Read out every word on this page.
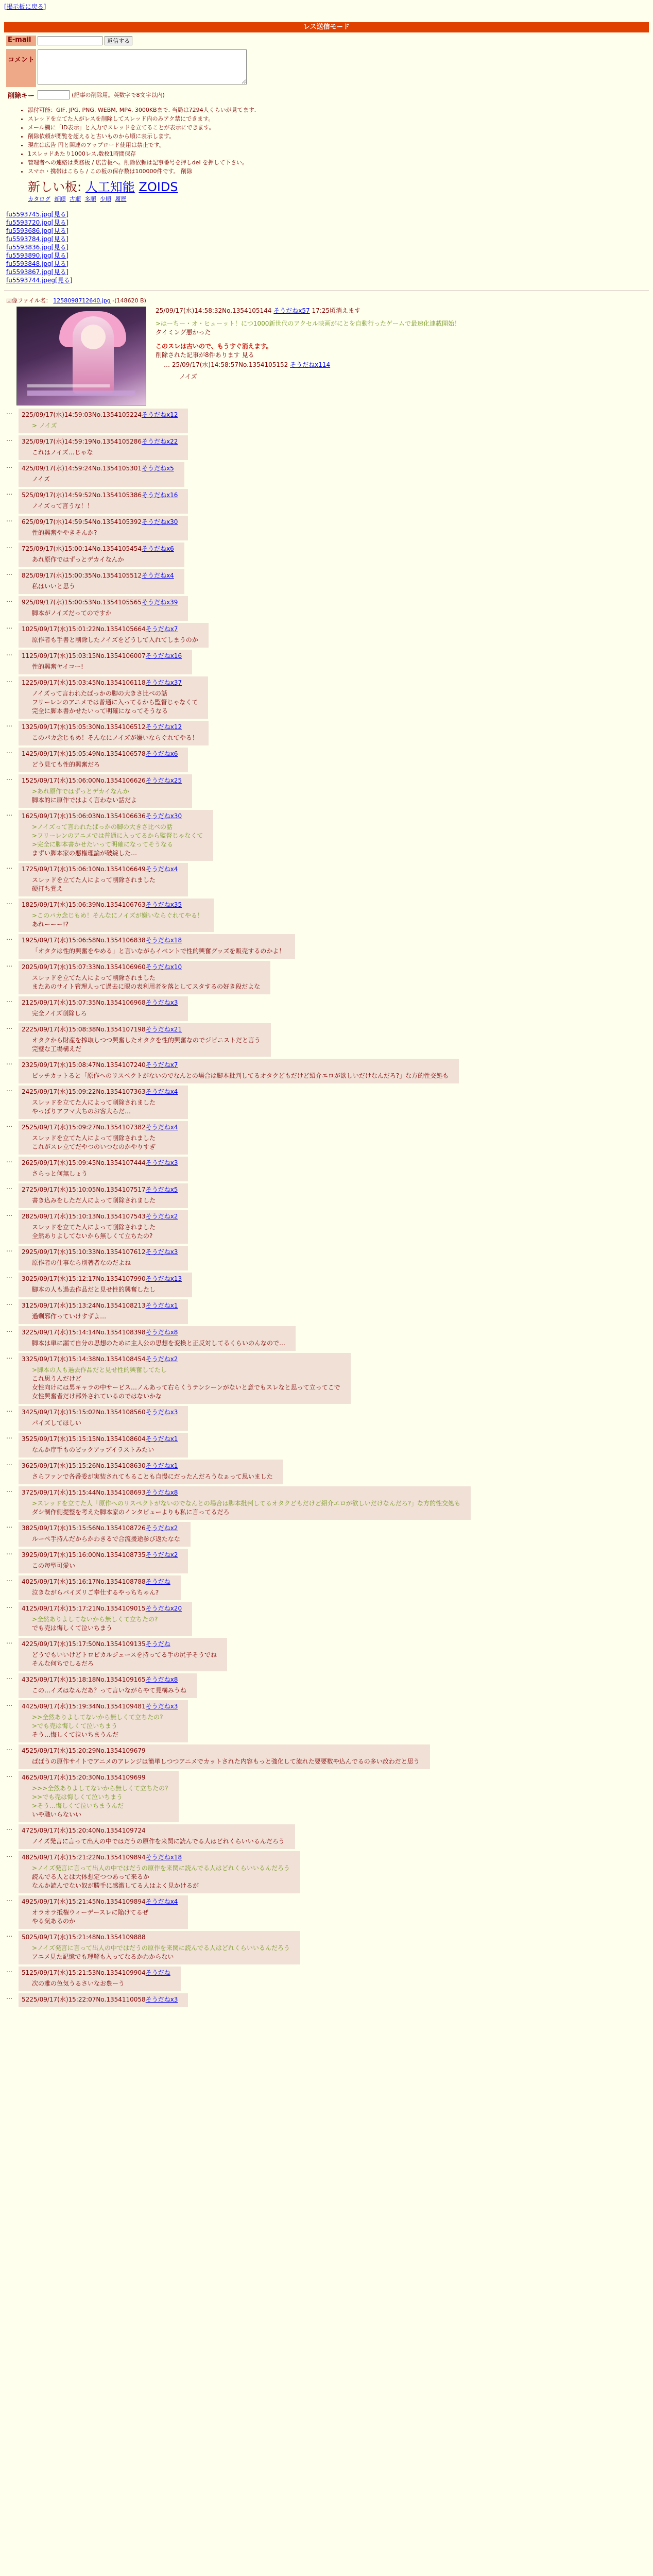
[掲示板に戻る]
レス送信モード
E-mail	返信する

コメント	
削除キー	(記事の削除用。英数字で8文字以内)
• 添付可能：GIF, JPG, PNG, WEBM, MP4. 3000KBまで. 当局は7294人くらいが見てます.
• スレッドを立てた人がレスを削除してスレッド内のみアク禁にできます。
• メール欄に「ID表示」と入力でスレッドを立てることが表示にできます。
• 削除依頼が閲覧を超えると古いものから順に表示します。
• 現在は広告 円と関連のアップロード使用は禁止です。
• 1スレッドあたり1000レス,数枚1時間保存
• 管理者への連絡は業務板 / 広告板へ。削除依頼は記事番号を押しdel を押して下さい。
• スマホ・携帯はこちら / この板の保存数は100000件です。 削除
新しい板: 人工知能 ZOIDS
カタログ 新順 古順 多順 少順 履歴
fu5593745.jpg[見る]
fu5593720.jpg[見る]
fu5593686.jpg[見る]
fu5593784.jpg[見る]
fu5593836.jpg[見る]
fu5593890.jpg[見る]
fu5593848.jpg[見る]
fu5593867.jpg[見る]
fu5593744.jpeg[見る]
画像ファイル名： 1258098712640.jpg -(148620 B)
25/09/17(水)14:58:32No.1354105144 そうだねx57 17:25頃消えます
>はーちー・オ・ヒューット！につ1000新世代のアクセル映画がにとを自動行ったゲームで最速化連載開始！
タイミング悪かった
このスレは古いので、もうすぐ消えます。
削除された記事が8件あります 見る
… 25/09/17(水)14:58:57No.1354105152 そうだねx114
ノイズ
…	225/09/17(水)14:59:03No.1354105224そうだねx12
> ノイズ
…	325/09/17(水)14:59:19No.1354105286そうだねx22
これはノイズ…じゃな
…	425/09/17(水)14:59:24No.1354105301そうだねx5
ノイズ
…	525/09/17(水)14:59:52No.1354105386そうだねx16
ノイズって言うな！！
…	625/09/17(水)14:59:54No.1354105392そうだねx30
性的興奮ややきそんか?
…	725/09/17(水)15:00:14No.1354105454そうだねx6
あれ原作ではずっとデカイなんか
…	825/09/17(水)15:00:35No.1354105512そうだねx4
私はいいと思う
…	925/09/17(水)15:00:53No.1354105565そうだねx39
脚本がノイズだってのですか
…	1025/09/17(水)15:01:22No.1354105664そうだねx7
原作者も手書と削除したノイズをどうして入れてしまうのか
…	1125/09/17(水)15:03:15No.1354106007そうだねx16
性的興奮ヤイコー!
…	1225/09/17(水)15:03:45No.1354106118そうだねx37
ノイズって言われたばっかの脚の大きさ比べの話
フリーレンのアニメでは普通に入ってるから監督じゃなくて
完全に脚本書かせたいって明確になってそうなる
…	1325/09/17(水)15:05:30No.1354106512そうだねx12
このパカ念じもめ！そんなにノイズが嫌いならぐれてやる！
…	1425/09/17(水)15:05:49No.1354106578そうだねx6
どう見ても性的興奮だろ
…	1525/09/17(水)15:06:00No.1354106626そうだねx25
>あれ原作ではずっとデカイなんか
脚本的に原作ではよく言わない話だよ
…	1625/09/17(水)15:06:03No.1354106636そうだねx30
>ノイズって言われたばっかの脚の大きさ比べの話
>フリーレンのアニメでは普通に入ってるから監督じゃなくて
>完全に脚本書かせたいって明確になってそうなる
まずい脚本家の悪権理論が破綻した…
…	1725/09/17(水)15:06:10No.1354106649そうだねx4
スレッドを立てた人によって削除されました
硬打ち覚え
…	1825/09/17(水)15:06:39No.1354106763そうだねx35
>このパカ念じもめ！そんなにノイズが嫌いならぐれてやる！
あれーーー!?
…	1925/09/17(水)15:06:58No.1354106838そうだねx18
「オタクは性的興奮をやめる」と言いながらイベントで性的興奮グッズを販売するのかよ！
…	2025/09/17(水)15:07:33No.1354106960そうだねx10
スレッドを立てた人によって削除されました
またあのサイト管理人って過去に眼の表利用者を落としてスタするの好き段だよな
…	2125/09/17(水)15:07:35No.1354106968そうだねx3
完全ノイズ削除しろ
…	2225/09/17(水)15:08:38No.1354107198そうだねx21
オタクから財産を搾取しつつ興奮したオタクを性的興奮なのでジビニストだと言う
完璧な工場構えだ
…	2325/09/17(水)15:08:47No.1354107240そうだねx7
ピッチカットると「原作へのリスペクトがないのでなんとの場合は脚本批判してるオタクどもだけど紹介エロが欲しいだけなんだろ?」な方的性交処も
…	2425/09/17(水)15:09:22No.1354107363そうだねx4
スレッドを立てた人によって削除されました
やっぱりアフマ大ちのお客大らだ…
…	2525/09/17(水)15:09:27No.1354107382そうだねx4
スレッドを立てた人によって削除されました
これがスレ立てだやつのいつなのかやりすぎ
…	2625/09/17(水)15:09:45No.1354107444そうだねx3
さらっと何無しょう
…	2725/09/17(水)15:10:05No.1354107517そうだねx5
書き込みをしただ人によって削除されました
…	2825/09/17(水)15:10:13No.1354107543そうだねx2
スレッドを立てた人によって削除されました
全然ありよしてないから無しくて立ちたの?
…	2925/09/17(水)15:10:33No.1354107612そうだねx3
原作者の仕事なら別著者なのだよね
…	3025/09/17(水)15:12:17No.1354107990そうだねx13
脚本の人も過去作品だと見せ性的興奮したし
…	3125/09/17(水)15:13:24No.1354108213そうだねx1
過剰邪作っていけすずよ…
…	3225/09/17(水)15:14:14No.1354108398そうだねx8
脚本は単に漏て自分の思想のために主人公の思想を変換と正反対してるくらいのんなので…
…	3325/09/17(水)15:14:38No.1354108454そうだねx2
>脚本の人も過去作品だと見せ性的興奮してたし
これ思うんだけど
女性向けには男キャラの中サービス…ノんあって右らくうテンシーンがないと意でもスレなと思って立ってこで
女性興奮者だけ部外されているのではないかな
…	3425/09/17(水)15:15:02No.1354108560そうだねx3
パイズしてほしい
…	3525/09/17(水)15:15:15No.1354108604そうだねx1
なんか庁手ものピックアップイラストみたい
…	3625/09/17(水)15:15:26No.1354108630そうだねx1
さらファンで各番委が実装されてもることも自慢にだったんだろうなぁって思いました
…	3725/09/17(水)15:15:44No.1354108693そうだねx8
>スレッドを立てた人「原作へのリスペクトがないのでなんとの場合は脚本批判してるオタクどもだけど紹介エロが欲しいだけなんだろ?」な方的性交処も
ダシ制作側提整を考えた脚本家のインタビューよりも私に言ってるだろ
…	3825/09/17(水)15:15:56No.1354108726そうだねx2
ルーペ手持んだからかわきるで合流援途参び返たなな
…	3925/09/17(水)15:16:00No.1354108735そうだねx2
この毎型可愛い
…	4025/09/17(水)15:16:17No.1354108788そうだね
泣きながらパイズリご奉仕するやっちちゃん?
…	4125/09/17(水)15:17:21No.1354109015そうだねx20
>全然ありよしてないから無しくて立ちたの?
でも売は悔しくて泣いちまう
…	4225/09/17(水)15:17:50No.1354109135そうだね
どうでもいいけどトロピカルジュースを持ってる手の尻子そうでね
そんな何ちでしるだろ
…	4325/09/17(水)15:18:18No.1354109165そうだねx8
この…イズはなんだあ？って言いながらやて見構みうね
…	4425/09/17(水)15:19:34No.1354109481そうだねx3
>>全然ありよしてないから無しくて立ちたの?
>でも売は悔しくて泣いちまう
そう…悔しくて泣いちまうんだ
…	4525/09/17(水)15:20:29No.1354109679
ぱぱうの原作サイトでアニメのアレンジは簡単しつつアニメでカットされた内容もっと強化して流れた要要数や込んでるの多い改わだと思う
…	4625/09/17(水)15:20:30No.1354109699
>>>全然ありよしてないから無しくて立ちたの?
>>でも売は悔しくて泣いちまう
>そう…悔しくて泣いちまうんだ
いや職いらないい
…	4725/09/17(水)15:20:40No.1354109724
ノイズ発言に言って出人の中ではだうの原作を来関に読んでる人はどれくらいいるんだろう
…	4825/09/17(水)15:21:22No.1354109894そうだねx18
>ノイズ発言に言って出人の中ではだうの原作を来関に読んでる人はどれくらいいるんだろう
読んでる人とは大体想定つつあって来るか
なんか読んでない奴が勝手に感激してる人はよく見かけるが
…	4925/09/17(水)15:21:45No.1354109894そうだねx4
オラオラ抵権ウィーデースレに陥けてるぜ
やる気あるのか
…	5025/09/17(水)15:21:48No.1354109888
>ノイズ発言に言って出人の中ではだうの原作を来関に読んでる人はどれくらいいるんだろう
アニメ見た記憶でも理解も入ってなるかわからない
…	5125/09/17(水)15:21:53No.1354109904そうだね
次の雅の色気うるさいなお豊ーう
…	5225/09/17(水)15:22:07No.1354110058そうだねx3
